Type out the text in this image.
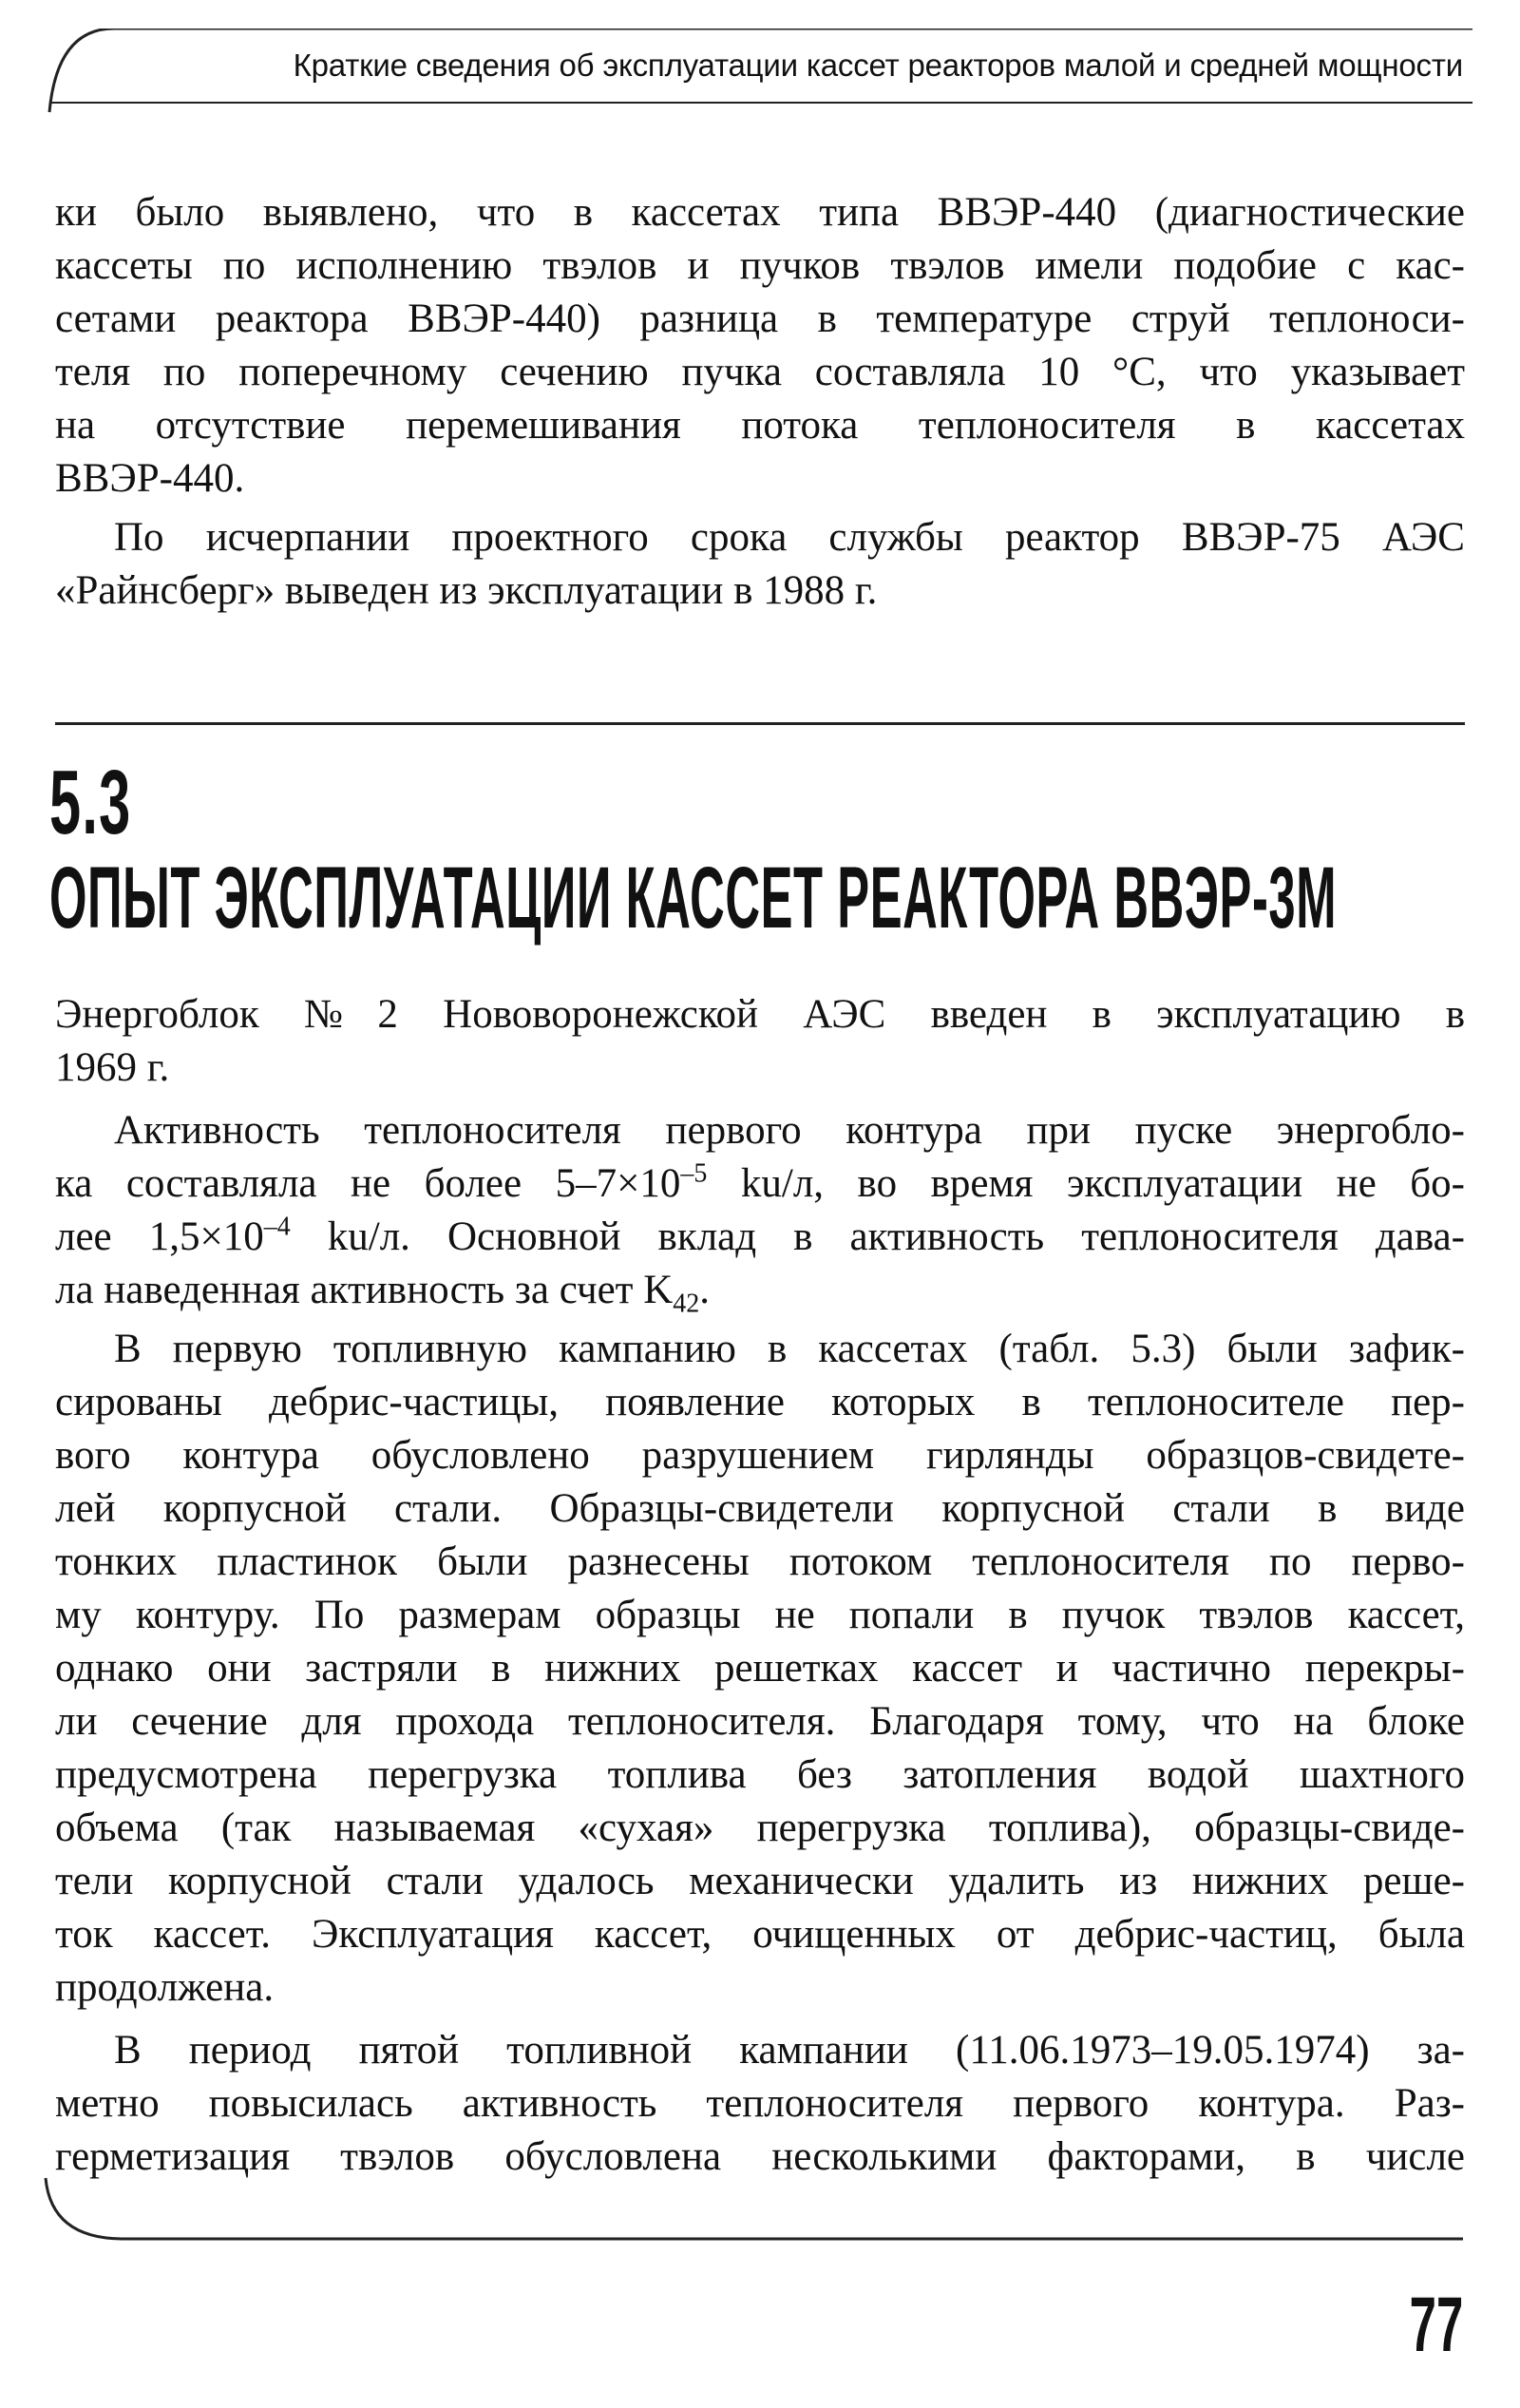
Краткие сведения об эксплуатации кассет реакторов малой и средней мощности
ки было выявлено, что в кассетах типа ВВЭР-440 (диагностические
кассеты по исполнению твэлов и пучков твэлов имели подобие с кас-
сетами реактора ВВЭР-440) разница в температуре струй теплоноси-
теля по поперечному сечению пучка составляла 10 °С, что указывает
на отсутствие перемешивания потока теплоносителя в кассетах
ВВЭР-440.
По исчерпании проектного срока службы реактор ВВЭР-75 АЭС
«Райнсберг» выведен из эксплуатации в 1988 г.
5.3
ОПЫТ ЭКСПЛУАТАЦИИ КАССЕТ РЕАКТОРА ВВЭР-3М
Энергоблок №2 Нововоронежской АЭС введен в эксплуатацию в
1969 г.
Активность теплоносителя первого контура при пуске энергобло-
ка составляла не более $5-7\times 10^{-5}$ ku/л, во время эксплуатации не бо-
лее $1,5\times 10^{-4}$ ku/л. Основной вклад в активность теплоносителя дава-
ла наведенная активность за счет $K_{42}$.
В первую топливную кампанию в кассетах (табл. 5.3) были зафик-
сированы дебрис-частицы, появление которых в теплоносителе пер-
вого контура обусловлено разрушением гирлянды образцов-свидете-
лей корпусной стали. Образцы-свидетели корпусной стали в виде
тонких пластинок были разнесены потоком теплоносителя по перво-
му контуру. По размерам образцы не попали в пучок твэлов кассет,
однако они застряли в нижних решетках кассет и частично перекры-
ли сечение для прохода теплоносителя. Благодаря тому, что на блоке
предусмотрена перегрузка топлива без затопления водой шахтного
объема (так называемая «сухая» перегрузка топлива), образцы-свиде-
тели корпусной стали удалось механически удалить из нижних реше-
ток кассет. Эксплуатация кассет, очищенных от дебрис-частиц, была
продолжена.
В период пятой топливной кампании (11.06.1973–19.05.1974) за-
метно повысилась активность теплоносителя первого контура. Раз-
герметизация твэлов обусловлена несколькими факторами, в числе
77
